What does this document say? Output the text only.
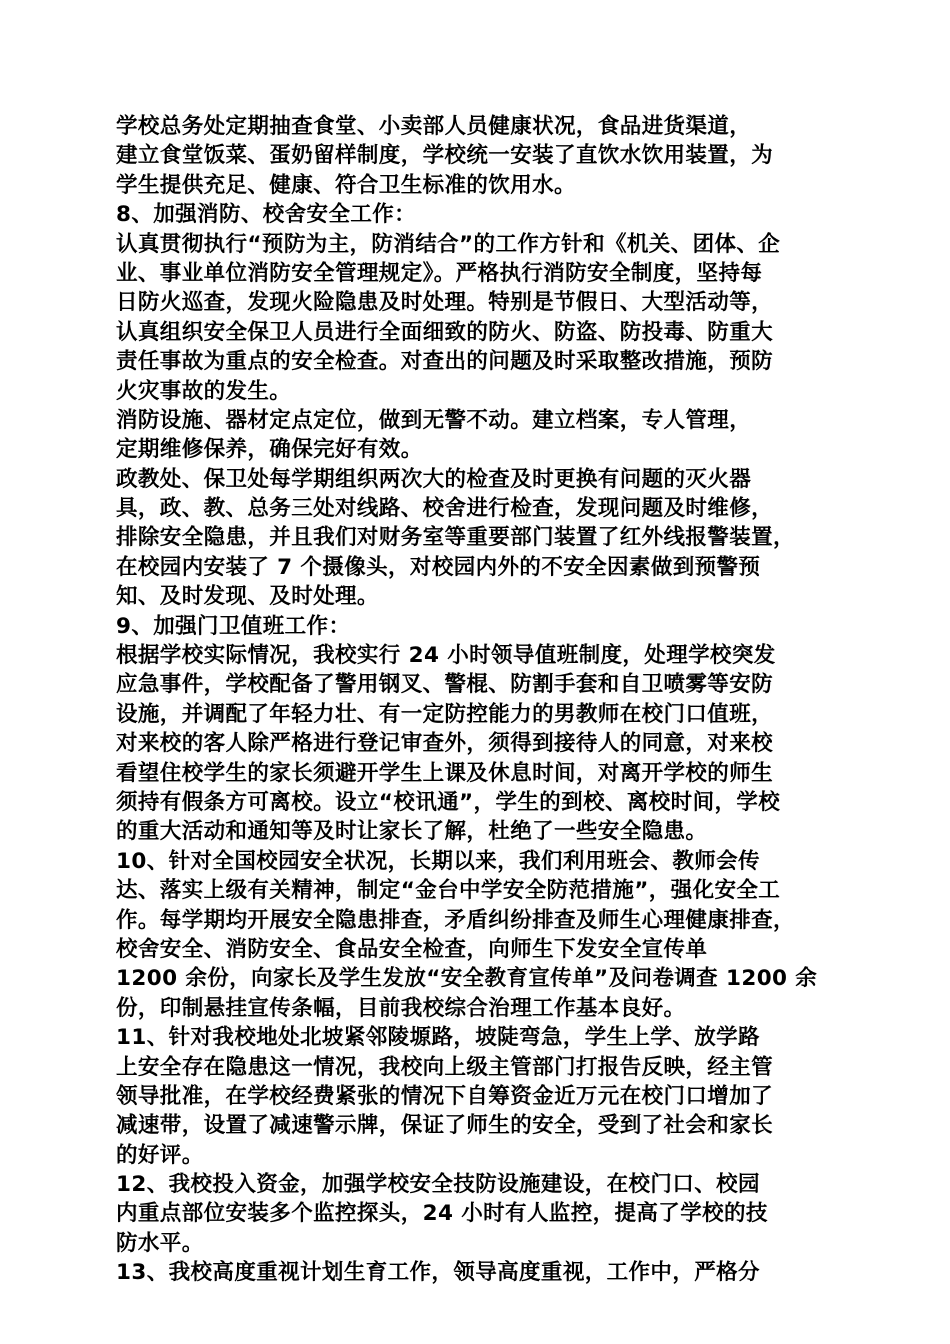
学校总务处定期抽查食堂、小卖部人员健康状况，食品进货渠道，
建立食堂饭菜、蛋奶留样制度，学校统一安装了直饮水饮用装置，为
学生提供充足、健康、符合卫生标准的饮用水。
8、加强消防、校舍安全工作：
认真贯彻执行“预防为主，防消结合”的工作方针和《机关、团体、企
业、事业单位消防安全管理规定》。严格执行消防安全制度，坚持每
日防火巡查，发现火险隐患及时处理。特别是节假日、大型活动等，
认真组织安全保卫人员进行全面细致的防火、防盗、防投毒、防重大
责任事故为重点的安全检查。对查出的问题及时采取整改措施，预防
火灾事故的发生。
消防设施、器材定点定位，做到无警不动。建立档案，专人管理，
定期维修保养，确保完好有效。
政教处、保卫处每学期组织两次大的检查及时更换有问题的灭火器
具，政、教、总务三处对线路、校舍进行检查，发现问题及时维修，
排除安全隐患，并且我们对财务室等重要部门装置了红外线报警装置，
在校园内安装了 7 个摄像头，对校园内外的不安全因素做到预警预
知、及时发现、及时处理。
9、加强门卫值班工作：
根据学校实际情况，我校实行 24 小时领导值班制度，处理学校突发
应急事件，学校配备了警用钢叉、警棍、防割手套和自卫喷雾等安防
设施，并调配了年轻力壮、有一定防控能力的男教师在校门口值班，
对来校的客人除严格进行登记审查外，须得到接待人的同意，对来校
看望住校学生的家长须避开学生上课及休息时间，对离开学校的师生
须持有假条方可离校。设立“校讯通”，学生的到校、离校时间，学校
的重大活动和通知等及时让家长了解，杜绝了一些安全隐患。
10、针对全国校园安全状况，长期以来，我们利用班会、教师会传
达、落实上级有关精神，制定“金台中学安全防范措施”，强化安全工
作。每学期均开展安全隐患排查，矛盾纠纷排查及师生心理健康排查，
校舍安全、消防安全、食品安全检查，向师生下发安全宣传单
1200 余份，向家长及学生发放“安全教育宣传单”及问卷调查 1200 余
份，印制悬挂宣传条幅，目前我校综合治理工作基本良好。
11、针对我校地处北坡紧邻陵塬路，坡陡弯急，学生上学、放学路
上安全存在隐患这一情况，我校向上级主管部门打报告反映，经主管
领导批准，在学校经费紧张的情况下自筹资金近万元在校门口增加了
减速带，设置了减速警示牌，保证了师生的安全，受到了社会和家长
的好评。
12、我校投入资金，加强学校安全技防设施建设，在校门口、校园
内重点部位安装多个监控探头，24 小时有人监控，提高了学校的技
防水平。
13、我校高度重视计划生育工作，领导高度重视，工作中，严格分
